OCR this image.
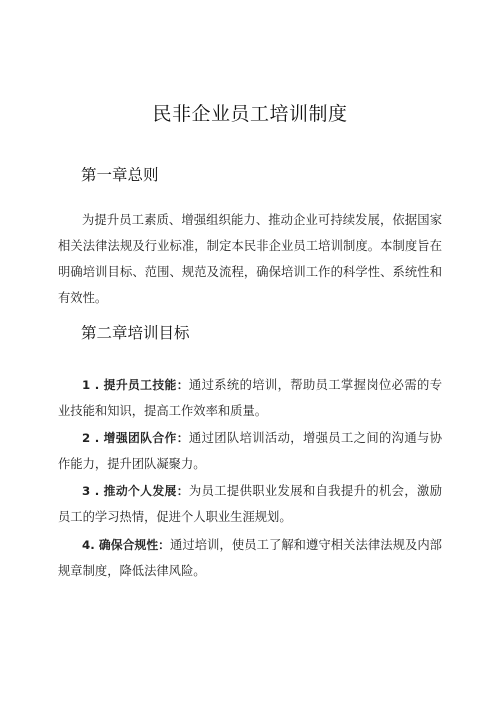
民非企业员工培训制度
第一章总则
为提升员工素质、增强组织能力、推动企业可持续发展，依据国家相关法律法规及行业标准，制定本民非企业员工培训制度。本制度旨在明确培训目标、范围、规范及流程，确保培训工作的科学性、系统性和有效性。
第二章培训目标
1 . 提升员工技能：通过系统的培训，帮助员工掌握岗位必需的专业技能和知识，提高工作效率和质量。
2 . 增强团队合作：通过团队培训活动，增强员工之间的沟通与协作能力，提升团队凝聚力。
3 . 推动个人发展：为员工提供职业发展和自我提升的机会，激励员工的学习热情，促进个人职业生涯规划。
4. 确保合规性：通过培训，使员工了解和遵守相关法律法规及内部规章制度，降低法律风险。
